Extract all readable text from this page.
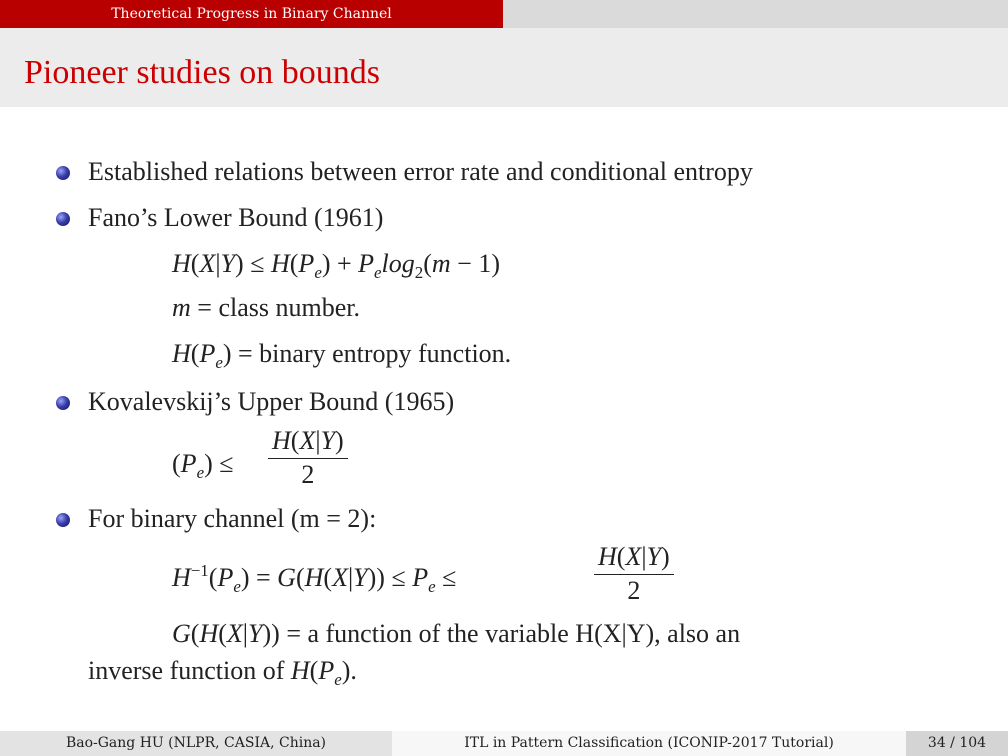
Theoretical Progress in Binary Channel
Pioneer studies on bounds
Established relations between error rate and conditional entropy
Fano’s Lower Bound (1961)
$H(X|Y) \le H(P_e) + P_e\log_2(m - 1)$
m = class number.
$H(P_e)$ = binary entropy function.
Kovalevskij’s Upper Bound (1965)
$(P_e) \le \frac{H(X|Y)}{2}$
For binary channel (m = 2):
$H^{-1}(P_e) = G(H(X|Y)) \le P_e$ ≤	$\frac{H(X|Y)}{2}$
G(H(X|Y)) = a function of the variable H(X|Y), also an
inverse function of $H(P_e)$.
Bao-Gang HU (NLPR, CASIA, China)	ITL in Pattern Classification (ICONIP-2017 Tutorial)	34 / 104
